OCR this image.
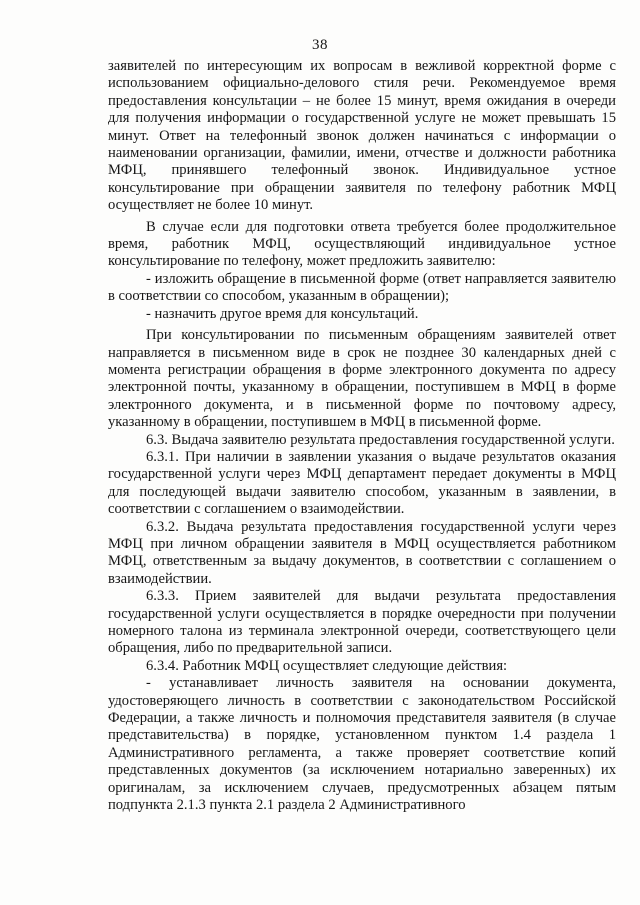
38

заявителей по интересующим их вопросам в вежливой корректной форме с использованием официально-делового стиля речи. Рекомендуемое время предоставления консультации – не более 15 минут, время ожидания в очереди для получения информации о государственной услуге не может превышать 15 минут. Ответ на телефонный звонок должен начинаться с информации о наименовании организации, фамилии, имени, отчестве и должности работника МФЦ, принявшего телефонный звонок. Индивидуальное устное консультирование при обращении заявителя по телефону работник МФЦ осуществляет не более 10 минут.

В случае если для подготовки ответа требуется более продолжительное время, работник МФЦ, осуществляющий индивидуальное устное консультирование по телефону, может предложить заявителю:

- изложить обращение в письменной форме (ответ направляется заявителю в соответствии со способом, указанным в обращении);

- назначить другое время для консультаций.

При консультировании по письменным обращениям заявителей ответ направляется в письменном виде в срок не позднее 30 календарных дней с момента регистрации обращения в форме электронного документа по адресу электронной почты, указанному в обращении, поступившем в МФЦ в форме электронного документа, и в письменной форме по почтовому адресу, указанному в обращении, поступившем в МФЦ в письменной форме.

6.3. Выдача заявителю результата предоставления государственной услуги.

6.3.1. При наличии в заявлении указания о выдаче результатов оказания государственной услуги через МФЦ департамент передает документы в МФЦ для последующей выдачи заявителю способом, указанным в заявлении, в соответствии с соглашением о взаимодействии.

6.3.2. Выдача результата предоставления государственной услуги через МФЦ при личном обращении заявителя в МФЦ осуществляется работником МФЦ, ответственным за выдачу документов, в соответствии с соглашением о взаимодействии.

6.3.3. Прием заявителей для выдачи результата предоставления государственной услуги осуществляется в порядке очередности при получении номерного талона из терминала электронной очереди, соответствующего цели обращения, либо по предварительной записи.

6.3.4. Работник МФЦ осуществляет следующие действия:

- устанавливает личность заявителя на основании документа, удостоверяющего личность в соответствии с законодательством Российской Федерации, а также личность и полномочия представителя заявителя (в случае представительства) в порядке, установленном пунктом 1.4 раздела 1 Административного регламента, а также проверяет соответствие копий представленных документов (за исключением нотариально заверенных) их оригиналам, за исключением случаев, предусмотренных абзацем пятым подпункта 2.1.3 пункта 2.1 раздела 2 Административного
